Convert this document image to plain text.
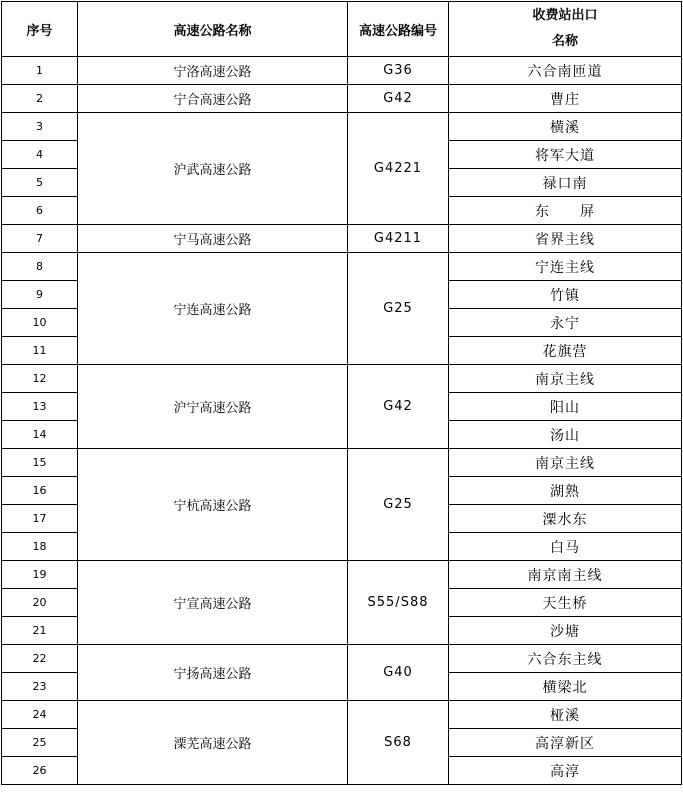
序号	高速公路名称	高速公路编号	收费站出口
名称

1	宁洛高速公路	G36	六合南匝道
2	宁合高速公路	G42	曹庄
3	沪武高速公路	G4221	横溪
4			将军大道
5			禄口南
6			东　　屏
7	宁马高速公路	G4211	省界主线
8	宁连高速公路	G25	宁连主线
9			竹镇
10			永宁
11			花旗营
12	沪宁高速公路	G42	南京主线
13			阳山
14			汤山
15	宁杭高速公路	G25	南京主线
16			湖熟
17			溧水东
18			白马
19	宁宣高速公路	S55/S88	南京南主线
20			天生桥
21			沙塘
22	宁扬高速公路	G40	六合东主线
23			横梁北
24	溧芜高速公路	S68	桠溪
25			高淳新区
26			高淳
